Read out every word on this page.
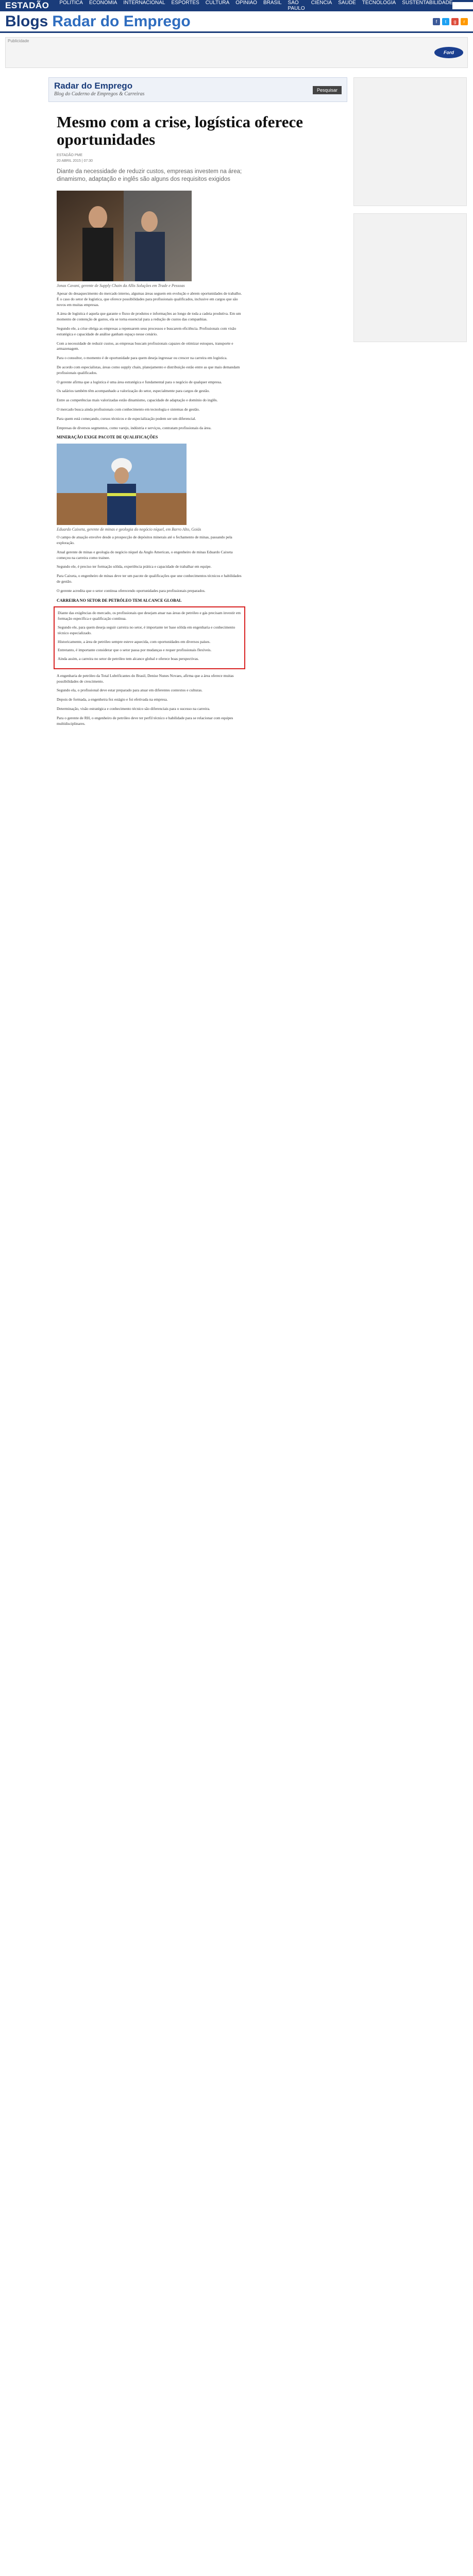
ESTADÃO POLÍTICA ECONOMIA INTERNACIONAL ESPORTES CULTURA OPINIÃO BRASIL SÃO PAULO
CIÊNCIA SAÚDE TECNOLOGIA SUSTENTABILIDADE
Blogs Radar do Emprego	f	t	g	r
Publicidade
Ford
Radar do Emprego
Blog do Caderno de Empregos & Carreiras
Pesquisar
Mesmo com a crise, logística oferece oportunidades
ESTADÃO PME
20 ABRIL 2015 | 07:30
Diante da necessidade de reduzir custos, empresas investem na área; dinamismo, adaptação e inglês são alguns dos requisitos exigidos
Jonas Cavani, gerente de Supply Chain da Allis Soluções em Trade e Pessoas

Apesar do desaquecimento do mercado interno, algumas áreas seguem em evolução e abrem oportunidades de trabalho. É o caso do setor de logística, que oferece possibilidades para profissionais qualificados, inclusive em cargos que são novos em muitas empresas.

A área de logística é aquela que garante o fluxo de produtos e informações ao longo de toda a cadeia produtiva. Em um momento de contenção de gastos, ela se torna essencial para a redução de custos das companhias.

Segundo ele, a crise obriga as empresas a repensarem seus processos e buscarem eficiência. Profissionais com visão estratégica e capacidade de análise ganham espaço nesse cenário.

Com a necessidade de reduzir custos, as empresas buscam profissionais capazes de otimizar estoques, transporte e armazenagem.

Para o consultor, o momento é de oportunidade para quem deseja ingressar ou crescer na carreira em logística.

De acordo com especialistas, áreas como supply chain, planejamento e distribuição estão entre as que mais demandam profissionais qualificados.

O gerente afirma que a logística é uma área estratégica e fundamental para o negócio de qualquer empresa.

Os salários também têm acompanhado a valorização do setor, especialmente para cargos de gestão.

Entre as competências mais valorizadas estão dinamismo, capacidade de adaptação e domínio do inglês.

O mercado busca ainda profissionais com conhecimento em tecnologia e sistemas de gestão.

Para quem está começando, cursos técnicos e de especialização podem ser um diferencial.

Empresas de diversos segmentos, como varejo, indústria e serviços, contratam profissionais da área.

MINERAÇÃO EXIGE PACOTE DE QUALIFICAÇÕES
Eduardo Caixeta, gerente de minas e geologia do negócio níquel, em Barro Alto, Goiás

O campo de atuação envolve desde a prospecção de depósitos minerais até o fechamento de minas, passando pela exploração.

Atual gerente de minas e geologia do negócio níquel da Anglo American, o engenheiro de minas Eduardo Caixeta começou na carreira como trainee.

Segundo ele, é preciso ter formação sólida, experiência prática e capacidade de trabalhar em equipe.

Para Caixeta, o engenheiro de minas deve ter um pacote de qualificações que une conhecimentos técnicos e habilidades de gestão.

O gerente acredita que o setor continua oferecendo oportunidades para profissionais preparados.

CARREIRA NO SETOR DE PETRÓLEO TEM ALCANCE GLOBAL

Diante das exigências do mercado, os profissionais que desejam atuar nas áreas de petróleo e gás precisam investir em formação específica e qualificação contínua.

Segundo ele, para quem deseja seguir carreira no setor, é importante ter base sólida em engenharia e conhecimento técnico especializado.

Historicamente, a área de petróleo sempre esteve aquecida, com oportunidades em diversos países.

Entretanto, é importante considerar que o setor passa por mudanças e requer profissionais flexíveis.

Ainda assim, a carreira no setor de petróleo tem alcance global e oferece boas perspectivas.

A engenharia de petróleo da Total Lubrificantes do Brasil, Denise Nunes Novaes, afirma que a área oferece muitas possibilidades de crescimento.

Segundo ela, o profissional deve estar preparado para atuar em diferentes contextos e culturas.

Depois de formada, a engenheira fez estágio e foi efetivada na empresa.

Determinação, visão estratégica e conhecimento técnico são diferenciais para o sucesso na carreira.

Para o gerente de RH, o engenheiro de petróleo deve ter perfil técnico e habilidade para se relacionar com equipes multidisciplinares.
